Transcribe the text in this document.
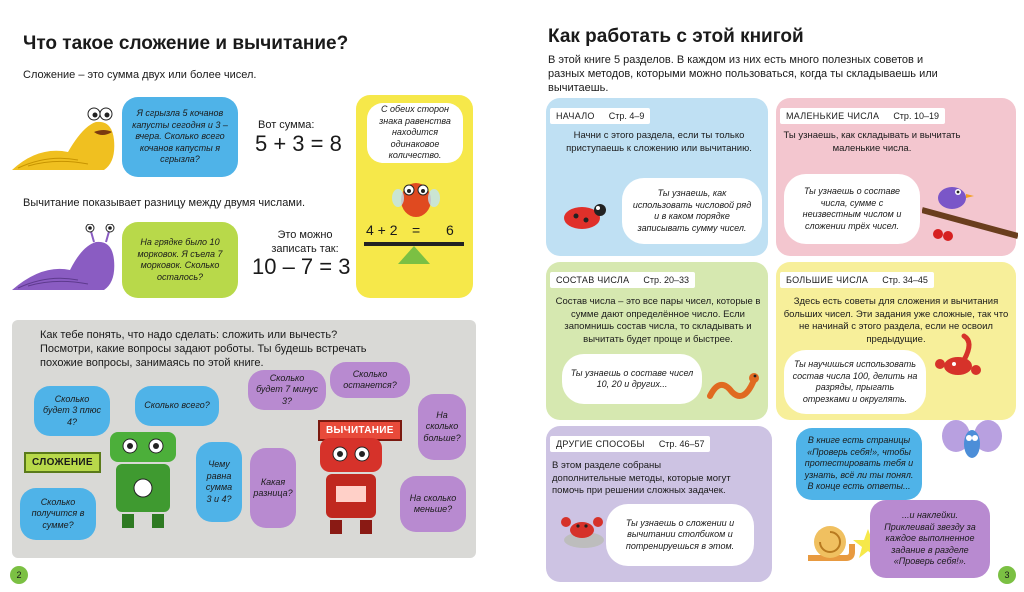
Что такое сложение и вычитание?
Сложение – это сумма двух или более чисел.
Я сгрызла 5 кочанов капусты сегодня и 3 – вчера. Сколько всего кочанов капусты я сгрызла?
Вот сумма:
5 + 3 = 8
Вычитание показывает разницу между двумя числами.
На грядке было 10 морковок. Я съела 7 морковок. Сколько осталось?
Это можно записать так:
10 – 7 = 3
С обеих сторон знака равенства находится одинаковое количество.
4 + 2 = 6
Как тебе понять, что надо сделать: сложить или вычесть? Посмотри, какие вопросы задают роботы. Ты будешь встречать похожие вопросы, занимаясь по этой книге.
Сколько будет 3 плюс 4?
Сколько всего?
Чему равна сумма 3 и 4?
Сколько получится в сумме?
СЛОЖЕНИЕ
Сколько будет 7 минус 3?
Сколько останется?
На сколько больше?
Какая разница?	На сколько меньше?
ВЫЧИТАНИЕ
2
Как работать с этой книгой
В этой книге 5 разделов. В каждом из них есть много полезных советов и разных методов, которыми можно пользоваться, когда ты складываешь или вычитаешь.
НАЧАЛО Стр. 4–9
Начни с этого раздела, если ты только приступаешь к сложению или вычитанию.
Ты узнаешь, как использовать числовой ряд и в каком порядке записывать сумму чисел.
МАЛЕНЬКИЕ ЧИСЛА Стр. 10–19
Ты узнаешь, как складывать и вычитать маленькие числа.
Ты узнаешь о составе числа, сумме с неизвестным числом и сложении трёх чисел.
СОСТАВ ЧИСЛА Стр. 20–33
Состав числа – это все пары чисел, которые в сумме дают определённое число. Если запомнишь состав числа, то складывать и вычитать будет проще и быстрее.
Ты узнаешь о составе чисел 10, 20 и других...
БОЛЬШИЕ ЧИСЛА Стр. 34–45
Здесь есть советы для сложения и вычитания больших чисел. Эти задания уже сложные, так что не начинай с этого раздела, если не освоил предыдущие.
Ты научишься использовать состав числа 100, делить на разряды, прыгать отрезками и округлять.
ДРУГИЕ СПОСОБЫ Стр. 46–57
В этом разделе собраны дополнительные методы, которые могут помочь при решении сложных задачек.
Ты узнаешь о сложении и вычитании столбиком и потренируешься в этом.
В книге есть страницы «Проверь себя!», чтобы протестировать тебя и узнать, всё ли ты понял. В конце есть ответы...
...и наклейки. Приклеивай звезду за каждое выполненное задание в разделе «Проверь себя!».
3
